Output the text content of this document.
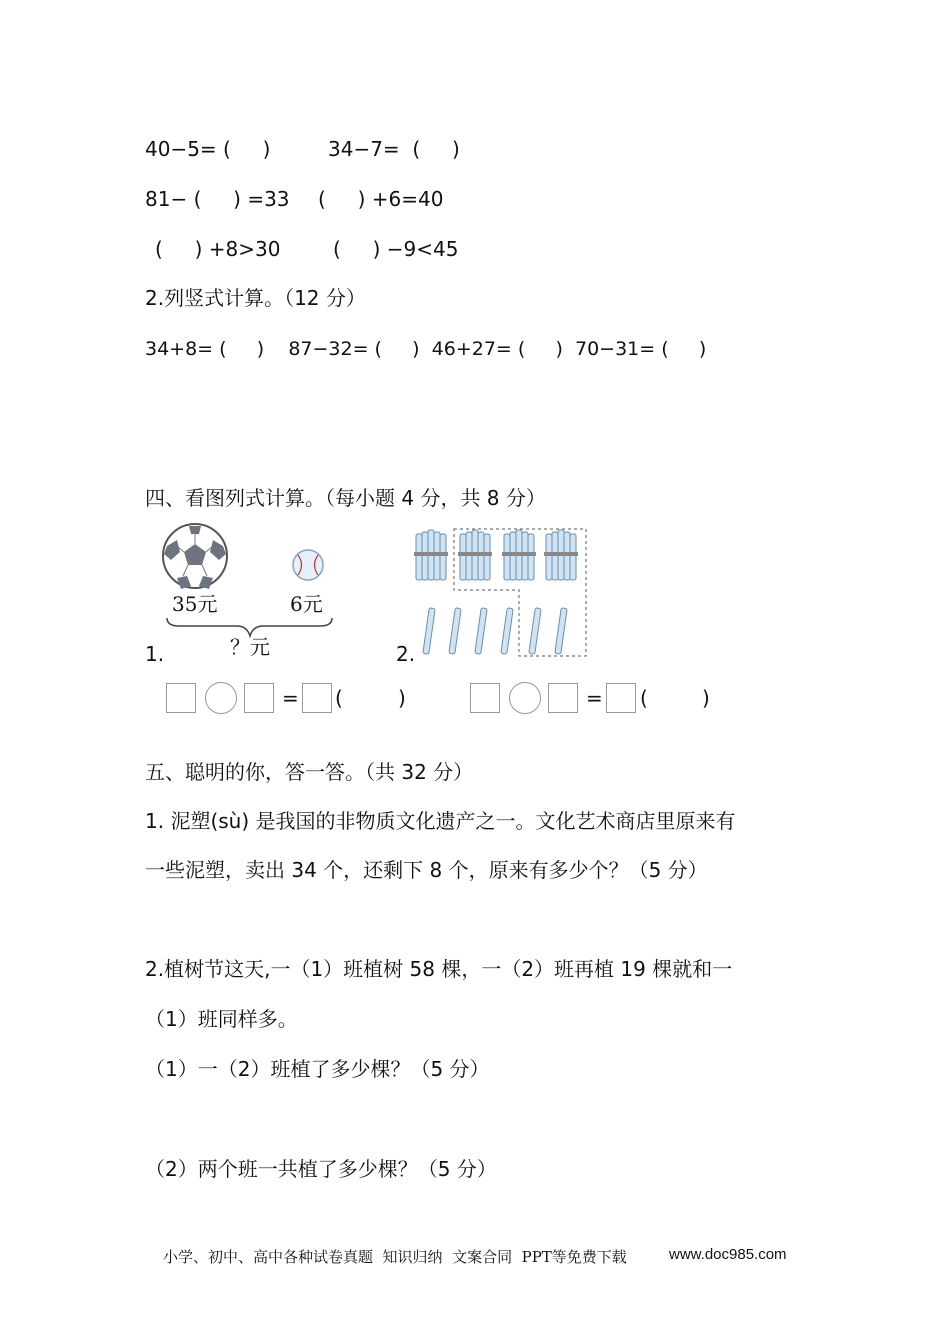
40−5= (     )	34−7=  (     )
81− (     ) =33 (     ) +6=40
(     ) +8>30	(     ) −9<45
2.列竖式计算。（12 分）
34+8= (     )    87−32= (     )  46+27= (     )  70−31= (     )
四、看图列式计算。（每小题 4 分，共 8 分）
35元	6元
？元
1.	2.
= (	)	= (	)
五、聪明的你，答一答。（共 32 分）
1. 泥塑(sù) 是我国的非物质文化遗产之一。文化艺术商店里原来有
一些泥塑，卖出 34 个，还剩下 8 个，原来有多少个？（5 分）
2.植树节这天,一（1）班植树 58 棵，一（2）班再植 19 棵就和一
（1）班同样多。
（1）一（2）班植了多少棵？（5 分）
（2）两个班一共植了多少棵？（5 分）
小学、初中、高中各种试卷真题  知识归纳  文案合同  PPT等免费下载	www.doc985.com
